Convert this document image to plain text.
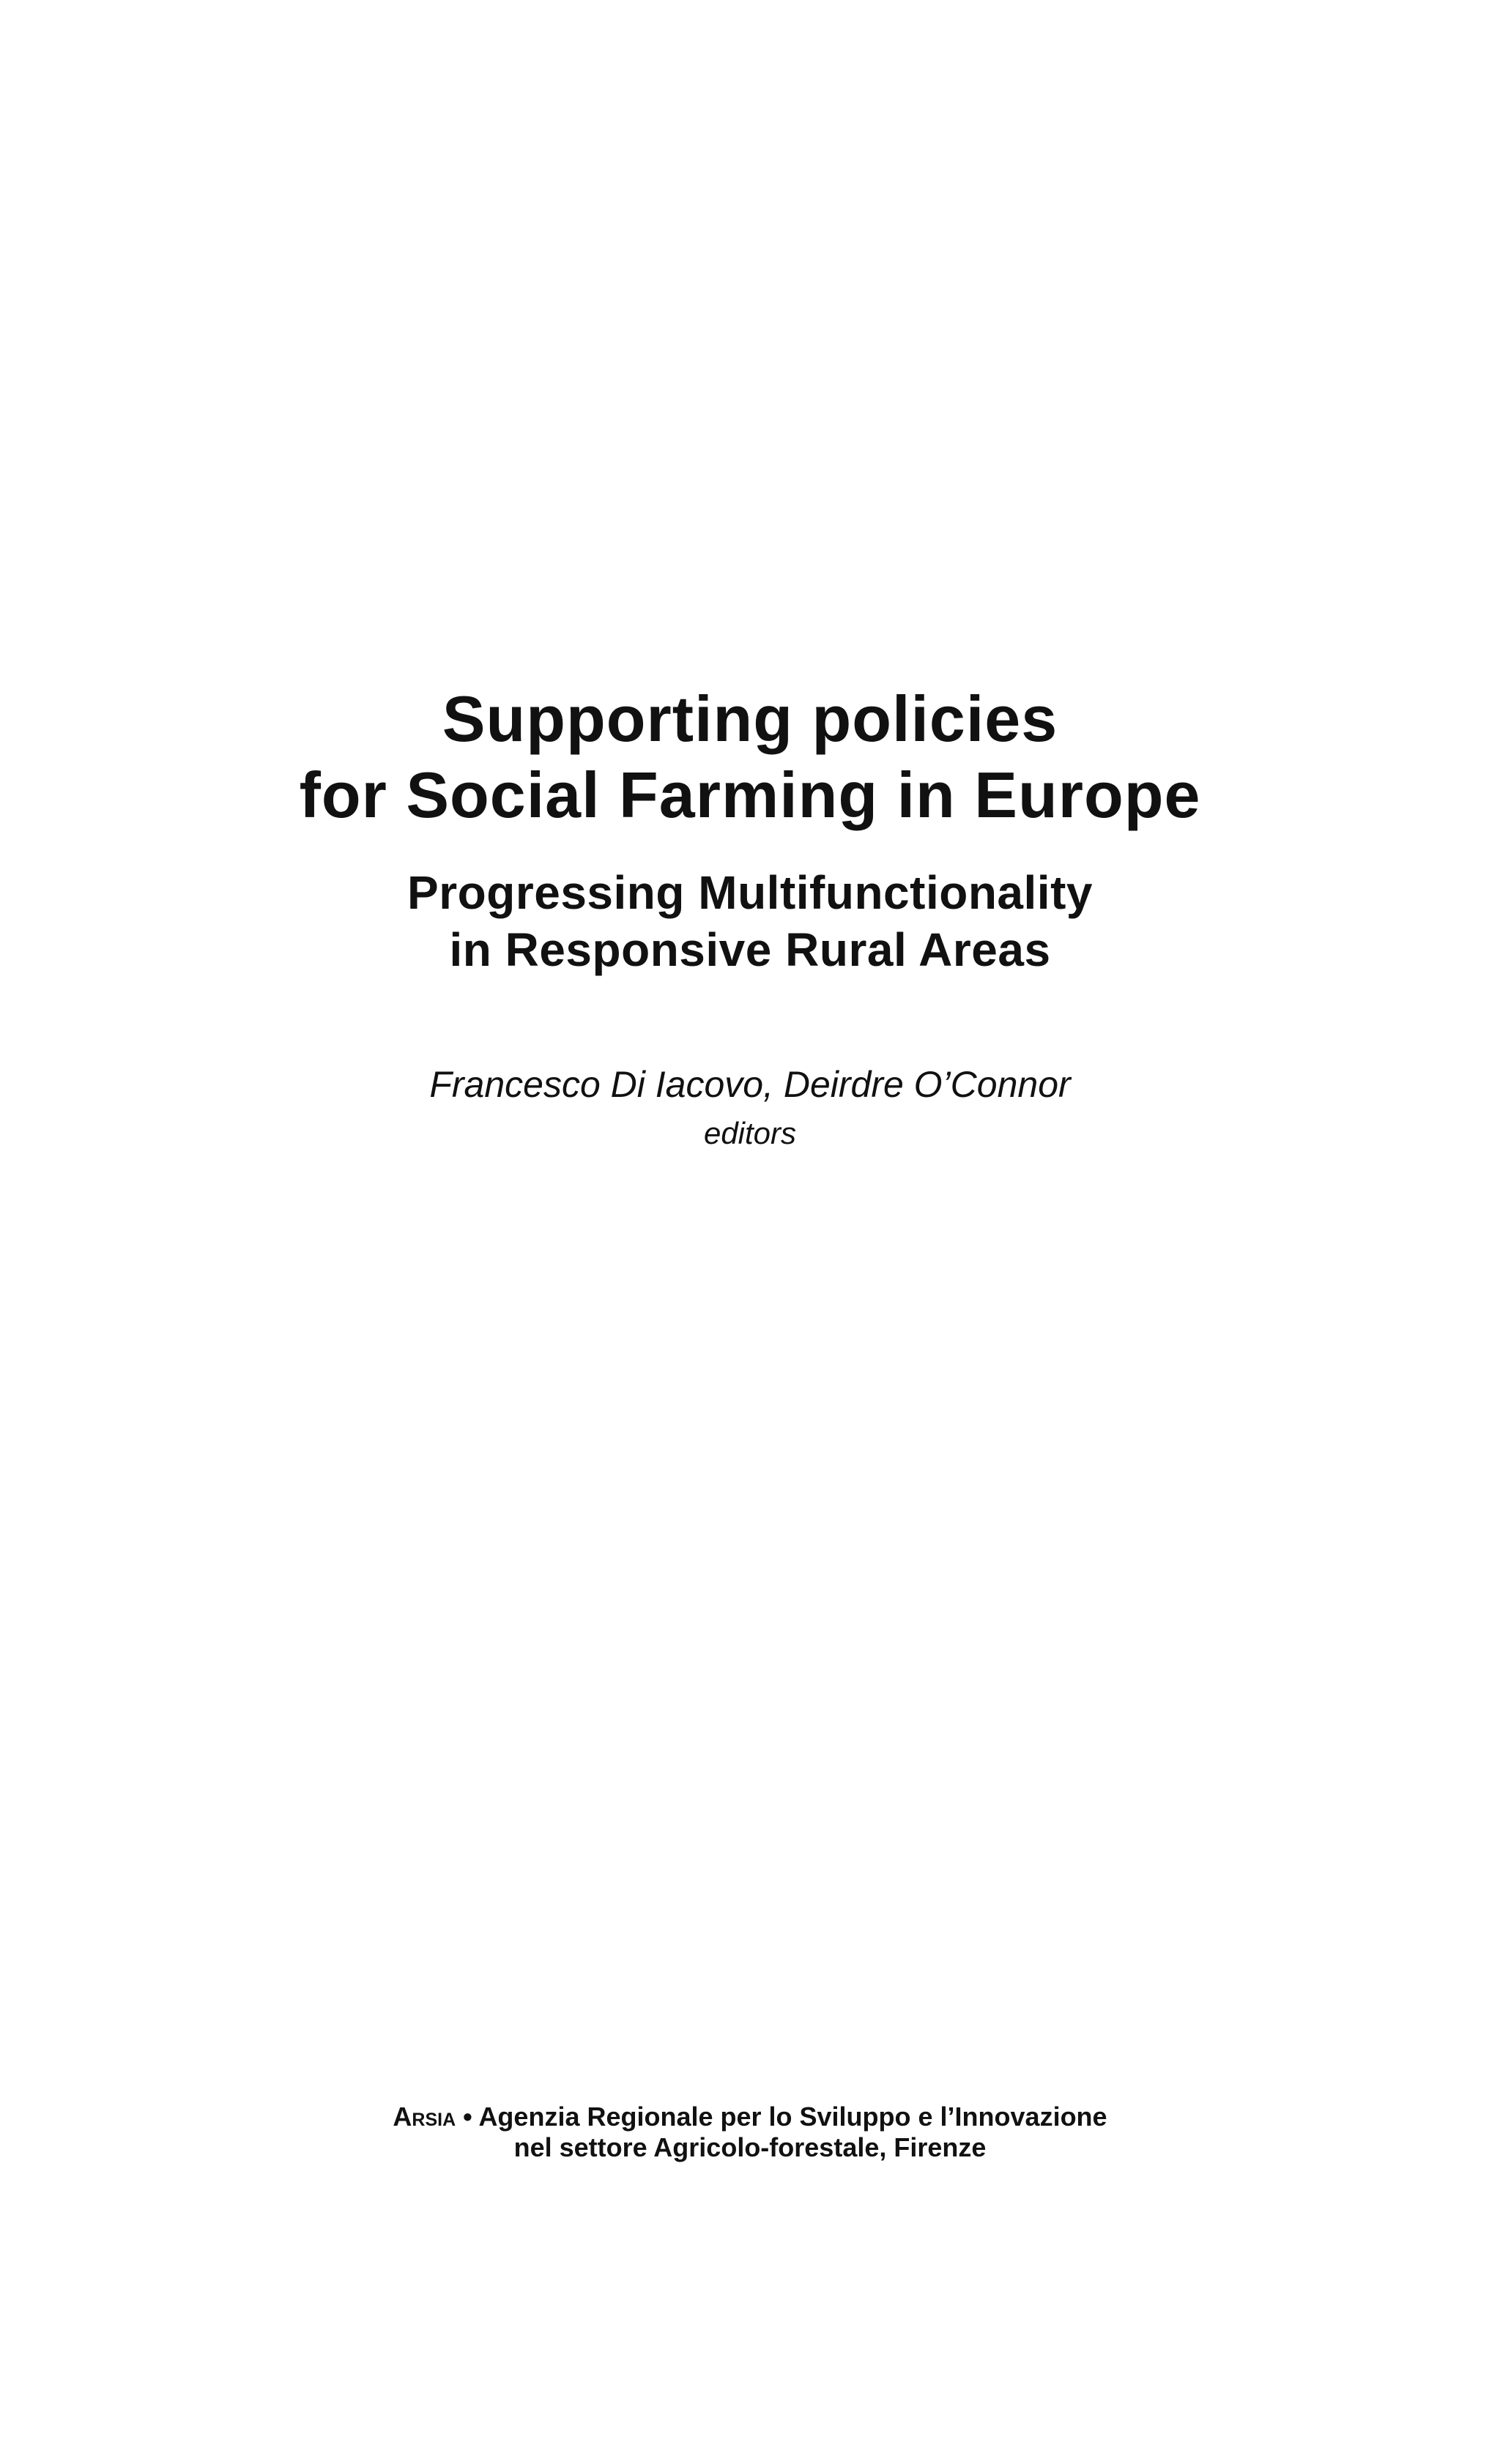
Supporting policies
for Social Farming in Europe
Progressing Multifunctionality
in Responsive Rural Areas
Francesco Di Iacovo, Deirdre O’Connor
editors
Arsia • Agenzia Regionale per lo Sviluppo e l’Innovazione
nel settore Agricolo-forestale, Firenze
